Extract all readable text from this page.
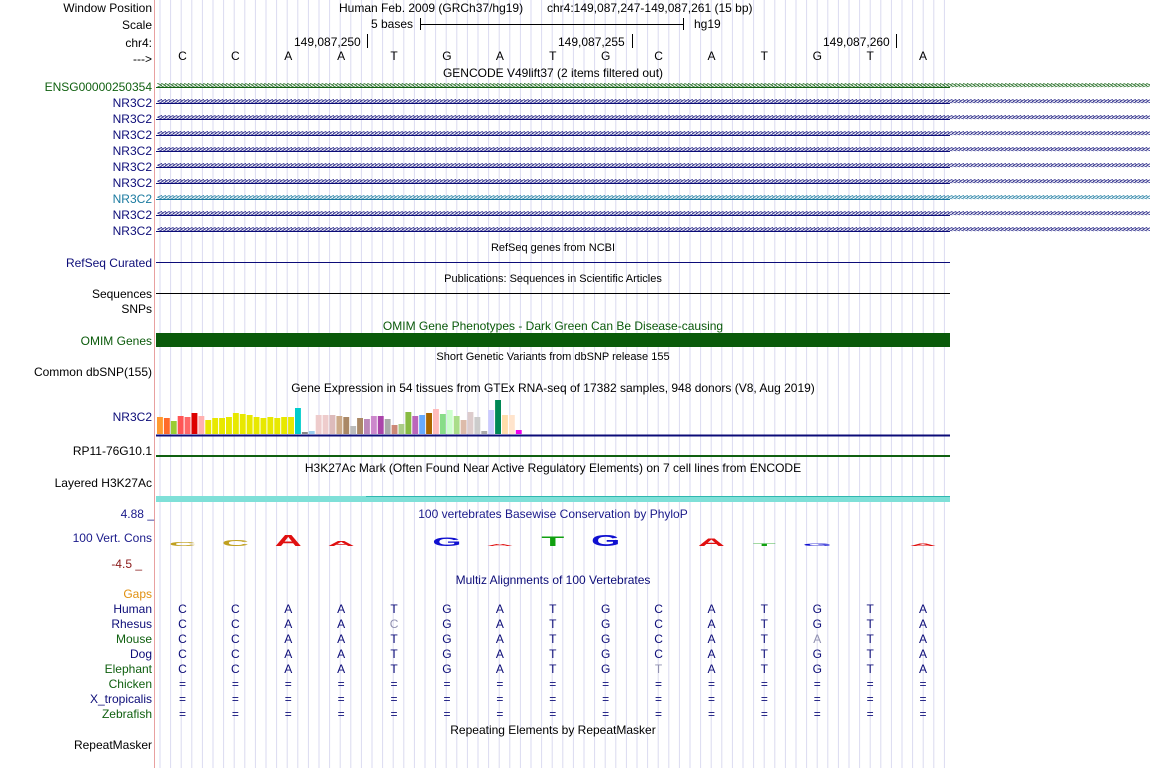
Window Position
Scale
chr4:
--->
Human Feb. 2009 (GRCh37/hg19) chr4:149,087,247-149,087,261 (15 bp)
5 bases	hg19
149,087,250	149,087,255	149,087,260
C	C	A	A	T	G	A	T	G	C	A	T	G	T	A
GENCODE V49lift37 (2 items filtered out)
ENSG00000250354 >>>>>>>>>>>>>>>>>>>>>>>>>>>>>>>>>>>>>>>>>>>>>>>>>>>>>>>>>>>>>>>>>>>>>>>>>>>>>>>>>>>>>>>>>>>>>>>>>>>>>>>>>>>>>>>>>>>>>>>>>>>>>>>>>>>>>>>>>>>>>>>>>>>>>>>>>>>>>>>>>>>>>>>>>>>>>>>>>>>>>>>>>>>>>>>>>>>>>>>>>>>>>>>>>>>>>>>>>>>>>>>>>>>>>>>>>>>>>>>>>>>>>>>>>>>>>>>>>>>>
NR3C2 <<<<<<<<<<<<<<<<<<<<<<<<<<<<<<<<<<<<<<<<<<<<<<<<<<<<<<<<<<<<<<<<<<<<<<<<<<<<<<<<<<<<<<<<<<<<<<<<<<<<<<<<<<<<<<<<<<<<<<<<<<<<<<<<<<<<<<<<<<<<<<<<<<<<<<<<<<<<<<<<<<<<<<<<<<<<<<<<<<<<<<<<<<<<<<<<<<<<<<<<<<<<<<<<<<<<<<<<<<<<<<<<<<<<<<<<<<<<<<<<<<<<<<<<<<<<<<<<<<<<
NR3C2 <<<<<<<<<<<<<<<<<<<<<<<<<<<<<<<<<<<<<<<<<<<<<<<<<<<<<<<<<<<<<<<<<<<<<<<<<<<<<<<<<<<<<<<<<<<<<<<<<<<<<<<<<<<<<<<<<<<<<<<<<<<<<<<<<<<<<<<<<<<<<<<<<<<<<<<<<<<<<<<<<<<<<<<<<<<<<<<<<<<<<<<<<<<<<<<<<<<<<<<<<<<<<<<<<<<<<<<<<<<<<<<<<<<<<<<<<<<<<<<<<<<<<<<<<<<<<<<<<<<<
NR3C2 <<<<<<<<<<<<<<<<<<<<<<<<<<<<<<<<<<<<<<<<<<<<<<<<<<<<<<<<<<<<<<<<<<<<<<<<<<<<<<<<<<<<<<<<<<<<<<<<<<<<<<<<<<<<<<<<<<<<<<<<<<<<<<<<<<<<<<<<<<<<<<<<<<<<<<<<<<<<<<<<<<<<<<<<<<<<<<<<<<<<<<<<<<<<<<<<<<<<<<<<<<<<<<<<<<<<<<<<<<<<<<<<<<<<<<<<<<<<<<<<<<<<<<<<<<<<<<<<<<<<
NR3C2 <<<<<<<<<<<<<<<<<<<<<<<<<<<<<<<<<<<<<<<<<<<<<<<<<<<<<<<<<<<<<<<<<<<<<<<<<<<<<<<<<<<<<<<<<<<<<<<<<<<<<<<<<<<<<<<<<<<<<<<<<<<<<<<<<<<<<<<<<<<<<<<<<<<<<<<<<<<<<<<<<<<<<<<<<<<<<<<<<<<<<<<<<<<<<<<<<<<<<<<<<<<<<<<<<<<<<<<<<<<<<<<<<<<<<<<<<<<<<<<<<<<<<<<<<<<<<<<<<<<<
NR3C2 <<<<<<<<<<<<<<<<<<<<<<<<<<<<<<<<<<<<<<<<<<<<<<<<<<<<<<<<<<<<<<<<<<<<<<<<<<<<<<<<<<<<<<<<<<<<<<<<<<<<<<<<<<<<<<<<<<<<<<<<<<<<<<<<<<<<<<<<<<<<<<<<<<<<<<<<<<<<<<<<<<<<<<<<<<<<<<<<<<<<<<<<<<<<<<<<<<<<<<<<<<<<<<<<<<<<<<<<<<<<<<<<<<<<<<<<<<<<<<<<<<<<<<<<<<<<<<<<<<<<
NR3C2 <<<<<<<<<<<<<<<<<<<<<<<<<<<<<<<<<<<<<<<<<<<<<<<<<<<<<<<<<<<<<<<<<<<<<<<<<<<<<<<<<<<<<<<<<<<<<<<<<<<<<<<<<<<<<<<<<<<<<<<<<<<<<<<<<<<<<<<<<<<<<<<<<<<<<<<<<<<<<<<<<<<<<<<<<<<<<<<<<<<<<<<<<<<<<<<<<<<<<<<<<<<<<<<<<<<<<<<<<<<<<<<<<<<<<<<<<<<<<<<<<<<<<<<<<<<<<<<<<<<<
NR3C2 <<<<<<<<<<<<<<<<<<<<<<<<<<<<<<<<<<<<<<<<<<<<<<<<<<<<<<<<<<<<<<<<<<<<<<<<<<<<<<<<<<<<<<<<<<<<<<<<<<<<<<<<<<<<<<<<<<<<<<<<<<<<<<<<<<<<<<<<<<<<<<<<<<<<<<<<<<<<<<<<<<<<<<<<<<<<<<<<<<<<<<<<<<<<<<<<<<<<<<<<<<<<<<<<<<<<<<<<<<<<<<<<<<<<<<<<<<<<<<<<<<<<<<<<<<<<<<<<<<<<
NR3C2 <<<<<<<<<<<<<<<<<<<<<<<<<<<<<<<<<<<<<<<<<<<<<<<<<<<<<<<<<<<<<<<<<<<<<<<<<<<<<<<<<<<<<<<<<<<<<<<<<<<<<<<<<<<<<<<<<<<<<<<<<<<<<<<<<<<<<<<<<<<<<<<<<<<<<<<<<<<<<<<<<<<<<<<<<<<<<<<<<<<<<<<<<<<<<<<<<<<<<<<<<<<<<<<<<<<<<<<<<<<<<<<<<<<<<<<<<<<<<<<<<<<<<<<<<<<<<<<<<<<<
NR3C2 <<<<<<<<<<<<<<<<<<<<<<<<<<<<<<<<<<<<<<<<<<<<<<<<<<<<<<<<<<<<<<<<<<<<<<<<<<<<<<<<<<<<<<<<<<<<<<<<<<<<<<<<<<<<<<<<<<<<<<<<<<<<<<<<<<<<<<<<<<<<<<<<<<<<<<<<<<<<<<<<<<<<<<<<<<<<<<<<<<<<<<<<<<<<<<<<<<<<<<<<<<<<<<<<<<<<<<<<<<<<<<<<<<<<<<<<<<<<<<<<<<<<<<<<<<<<<<<<<<<<
RefSeq genes from NCBI
RefSeq Curated
Publications: Sequences in Scientific Articles
Sequences
SNPs
OMIM Gene Phenotypes - Dark Green Can Be Disease-causing
OMIM Genes
Short Genetic Variants from dbSNP release 155
Common dbSNP(155)
Gene Expression in 54 tissues from GTEx RNA-seq of 17382 samples, 948 donors (V8, Aug 2019)
NR3C2
RP11-76G10.1
H3K27Ac Mark (Often Found Near Active Regulatory Elements) on 7 cell lines from ENCODE
Layered H3K27Ac
100 vertebrates Basewise Conservation by PhyloP
4.88 _
100 Vert. Cons
-4.5 _
C C A A	G A T G	A T G	A
Multiz Alignments of 100 Vertebrates
Gaps
Human	C	C	A	A	T	G	A	T	G	C	A	T	G	T	A
Rhesus	C	C	A	A	C	G	A	T	G	C	A	T	G	T	A
Mouse	C	C	A	A	T	G	A	T	G	C	A	T	A	T	A
Dog	C	C	A	A	T	G	A	T	G	C	A	T	G	T	A
Elephant	C	C	A	A	T	G	A	T	G	T	A	T	G	T	A
Chicken	=	=	=	=	=	=	=	=	=	=	=	=	=	=	=
X_tropicalis	=	=	=	=	=	=	=	=	=	=	=	=	=	=	=
Zebrafish	=	=	=	=	=	=	=	=	=	=	=	=	=	=	=
Repeating Elements by RepeatMasker
RepeatMasker
